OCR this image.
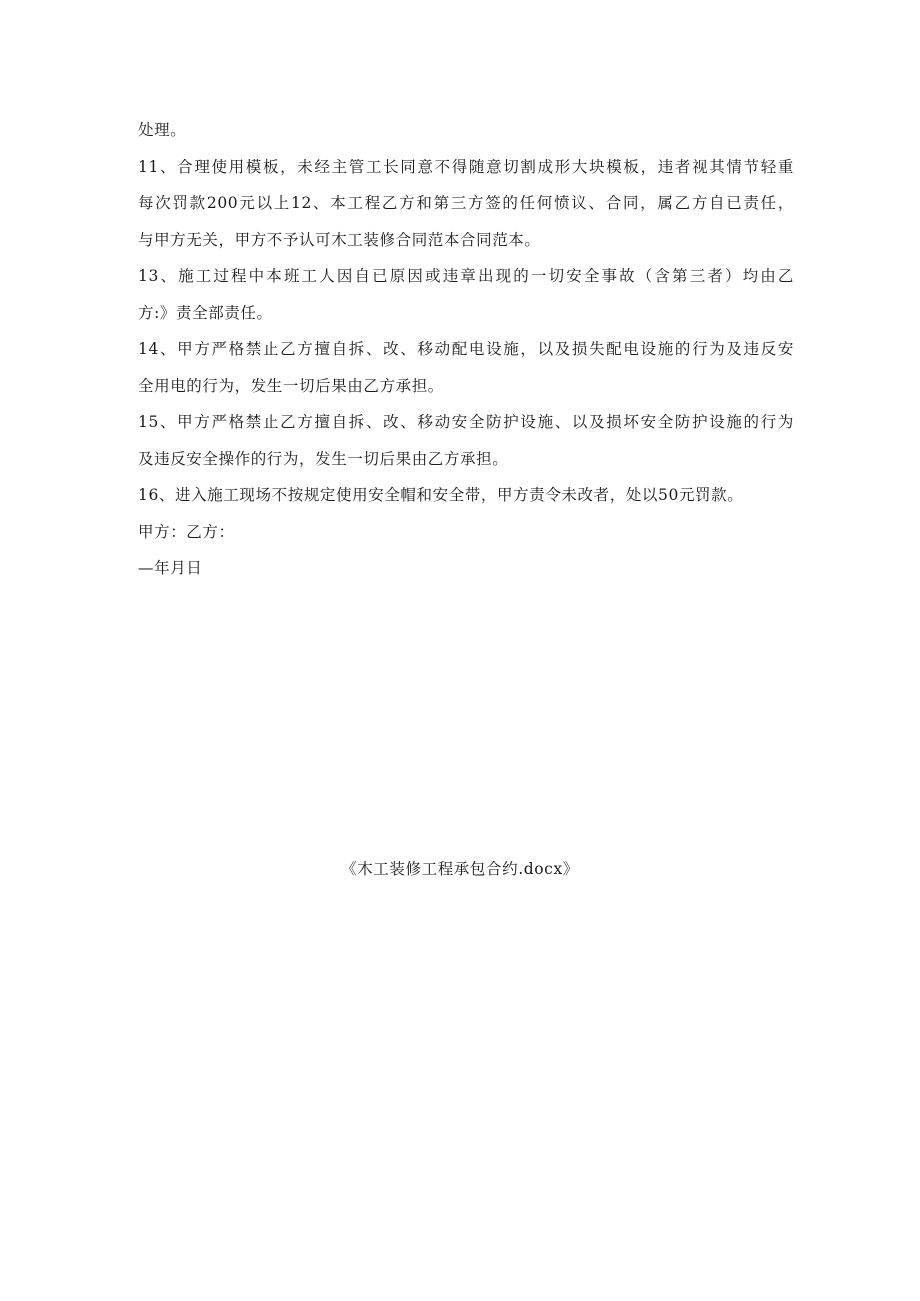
处理。
11、合理使用模板，未经主管工长同意不得随意切割成形大块模板，违者视其情节轻重
每次罚款200元以上12、本工程乙方和第三方签的任何愤议、合同，属乙方自已责任，
与甲方无关，甲方不予认可木工装修合同范本合同范本。
13、施工过程中本班工人因自已原因或违章出现的一切安全事故（含第三者）均由乙
方:》责全部责任。
14、甲方严格禁止乙方擅自拆、改、移动配电设施，以及损失配电设施的行为及违反安
全用电的行为，发生一切后果由乙方承担。
15、甲方严格禁止乙方擅自拆、改、移动安全防护设施、以及损坏安全防护设施的行为
及违反安全操作的行为，发生一切后果由乙方承担。
16、进入施工现场不按规定使用安全帽和安全带，甲方责令未改者，处以50元罚款。
甲方：乙方：
—年月日
《木工装修工程承包合约.docx》
